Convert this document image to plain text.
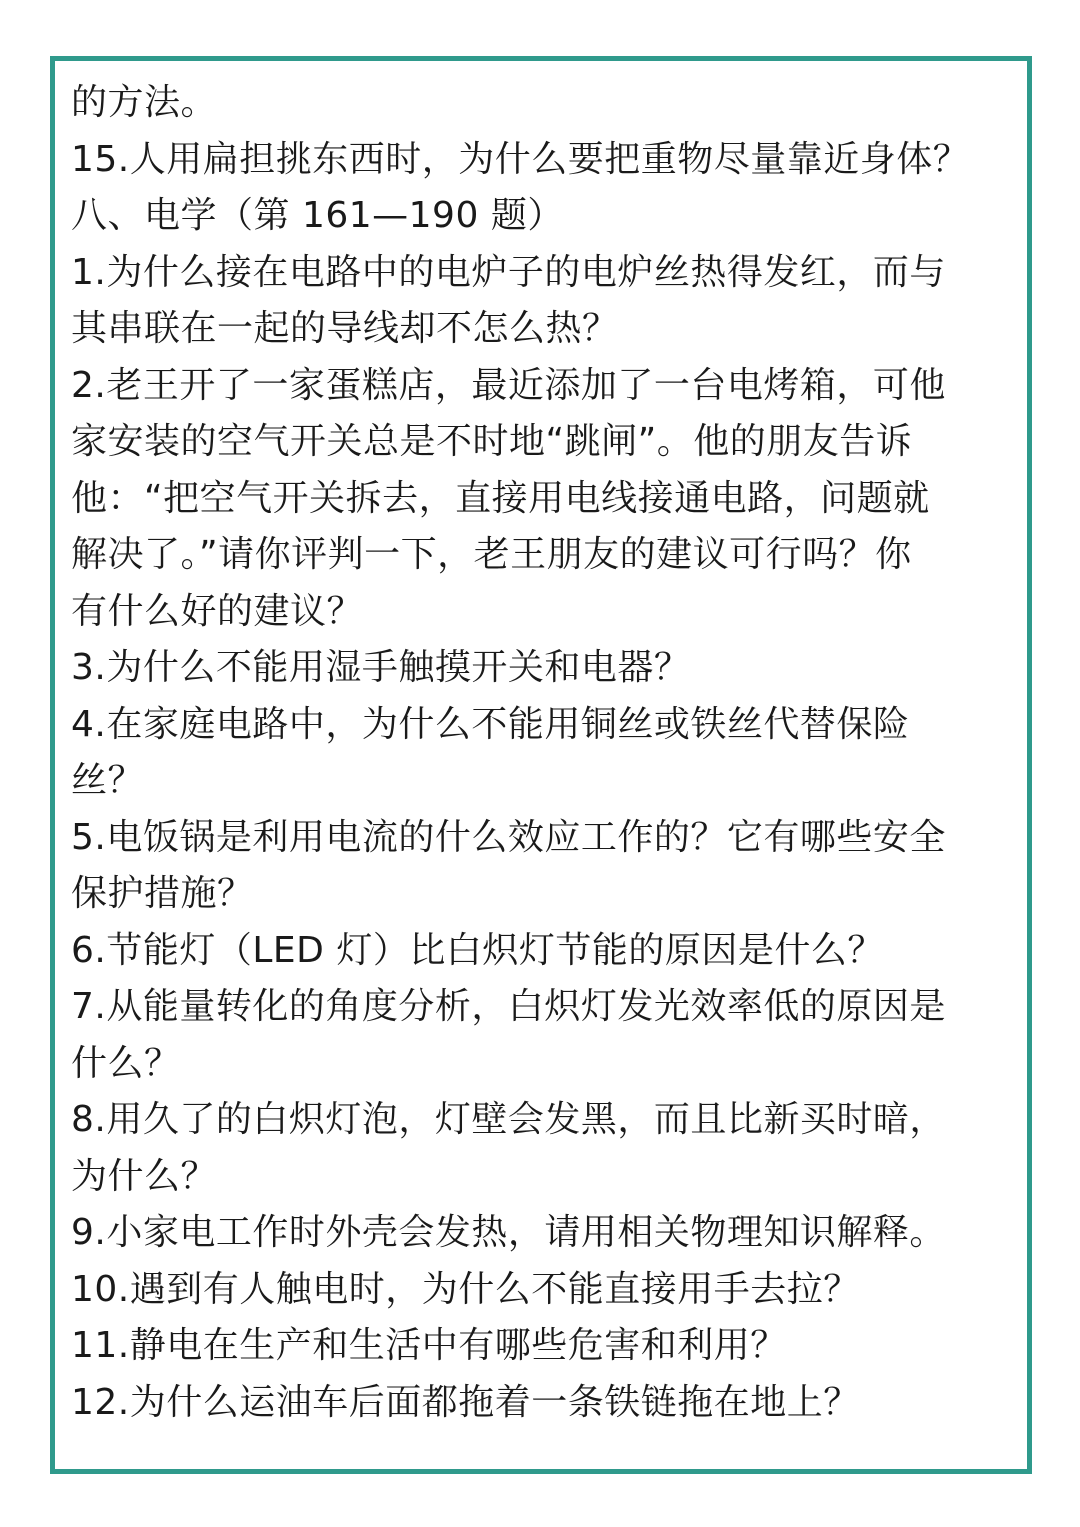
的方法。
15.人用扁担挑东西时，为什么要把重物尽量靠近身体？
八、电学（第 161—190 题）
1.为什么接在电路中的电炉子的电炉丝热得发红，而与
其串联在一起的导线却不怎么热？
2.老王开了一家蛋糕店，最近添加了一台电烤箱，可他
家安装的空气开关总是不时地“跳闸”。他的朋友告诉
他：“把空气开关拆去，直接用电线接通电路，问题就
解决了。”请你评判一下，老王朋友的建议可行吗？你
有什么好的建议？
3.为什么不能用湿手触摸开关和电器？
4.在家庭电路中，为什么不能用铜丝或铁丝代替保险
丝？
5.电饭锅是利用电流的什么效应工作的？它有哪些安全
保护措施？
6.节能灯（LED 灯）比白炽灯节能的原因是什么？
7.从能量转化的角度分析，白炽灯发光效率低的原因是
什么？
8.用久了的白炽灯泡，灯壁会发黑，而且比新买时暗，
为什么？
9.小家电工作时外壳会发热，请用相关物理知识解释。
10.遇到有人触电时，为什么不能直接用手去拉？
11.静电在生产和生活中有哪些危害和利用？
12.为什么运油车后面都拖着一条铁链拖在地上？
